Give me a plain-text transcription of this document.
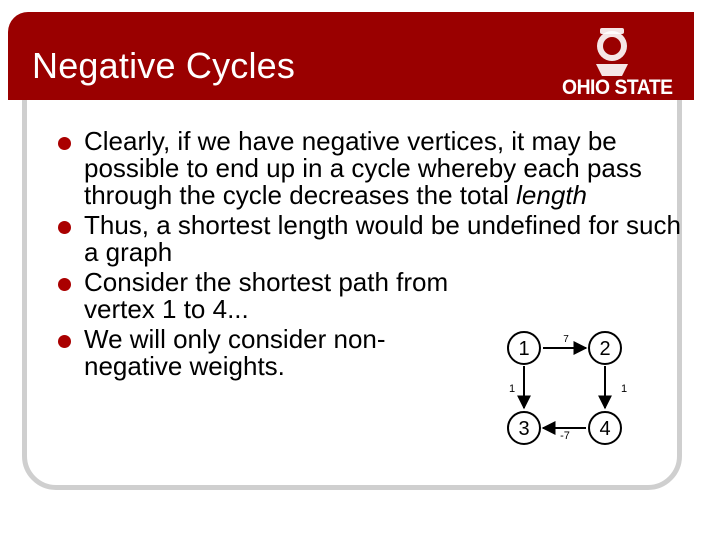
Negative Cycles
OHIO STATE
BUCKEYES
Clearly, if we have negative vertices, it may be possible to end up in a cycle whereby each pass through the cycle decreases the total length
Thus, a shortest length would be undefined for such a graph
Consider the shortest path from vertex 1 to 4...
We will only consider non-negative weights.
1	2
3	4
7
1	1
-7
